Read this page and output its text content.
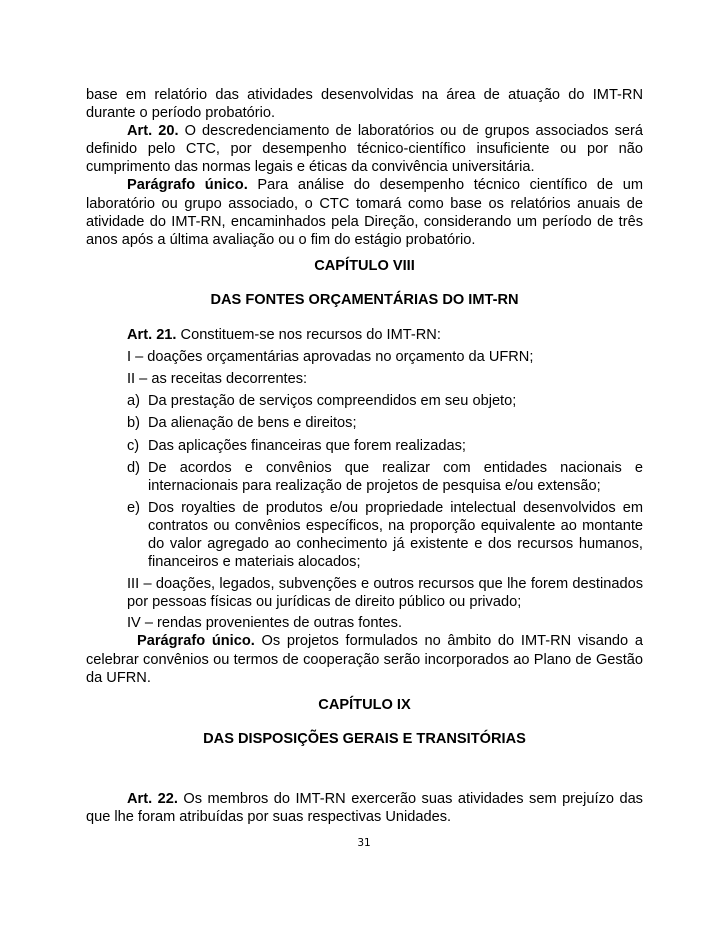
base em relatório das atividades desenvolvidas na área de atuação do IMT-RN durante o período probatório.

Art. 20. O descredenciamento de laboratórios ou de grupos associados será definido pelo CTC, por desempenho técnico-científico insuficiente ou por não cumprimento das normas legais e éticas da convivência universitária.

Parágrafo único. Para análise do desempenho técnico científico de um laboratório ou grupo associado, o CTC tomará como base os relatórios anuais de atividade do IMT-RN, encaminhados pela Direção, considerando um período de três anos após a última avaliação ou o fim do estágio probatório.

CAPÍTULO VIII

DAS FONTES ORÇAMENTÁRIAS DO IMT-RN

Art. 21. Constituem-se nos recursos do IMT-RN:

I – doações orçamentárias aprovadas no orçamento da UFRN;

II – as receitas decorrentes:

a) Da prestação de serviços compreendidos em seu objeto;
b) Da alienação de bens e direitos;
c) Das aplicações financeiras que forem realizadas;
d) De acordos e convênios que realizar com entidades nacionais e internacionais para realização de projetos de pesquisa e/ou extensão;
e) Dos royalties de produtos e/ou propriedade intelectual desenvolvidos em contratos ou convênios específicos, na proporção equivalente ao montante do valor agregado ao conhecimento já existente e dos recursos humanos, financeiros e materiais alocados;

III – doações, legados, subvenções e outros recursos que lhe forem destinados por pessoas físicas ou jurídicas de direito público ou privado;

IV – rendas provenientes de outras fontes.

Parágrafo único. Os projetos formulados no âmbito do IMT-RN visando a celebrar convênios ou termos de cooperação serão incorporados ao Plano de Gestão da UFRN.

CAPÍTULO IX

DAS DISPOSIÇÕES GERAIS E TRANSITÓRIAS

Art. 22. Os membros do IMT-RN exercerão suas atividades sem prejuízo das que lhe foram atribuídas por suas respectivas Unidades.

31
